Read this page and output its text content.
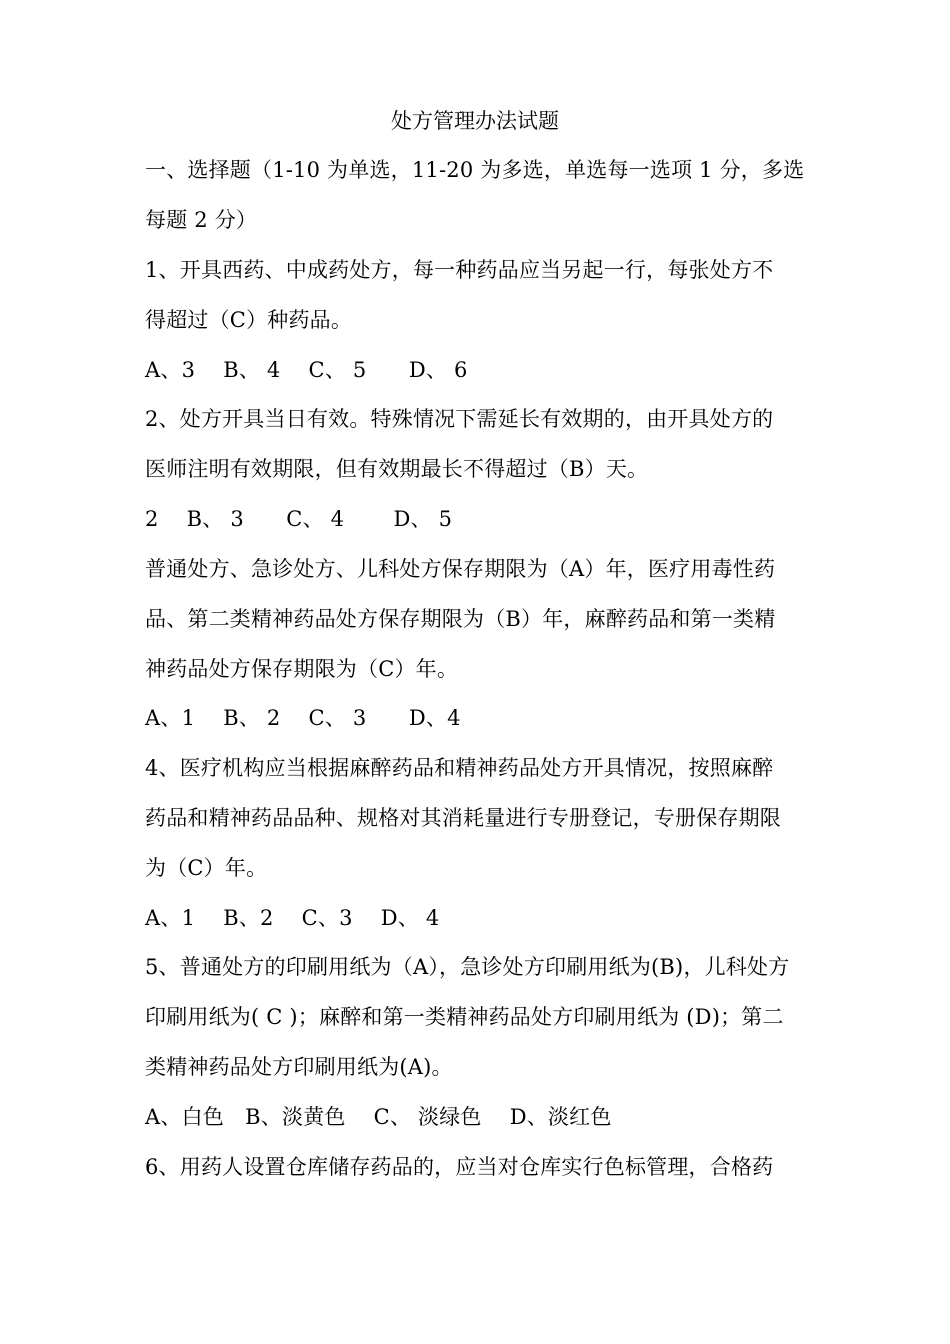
处方管理办法试题
一、选择题（1-10 为单选，11-20 为多选，单选每一选项 1 分，多选
每题 2 分）
1、开具西药、中成药处方，每一种药品应当另起一行，每张处方不
得超过（C）种药品。
A、3　 B、 4　 C、 5　　D、 6
2、处方开具当日有效。特殊情况下需延长有效期的，由开具处方的
医师注明有效期限，但有效期最长不得超过（B）天。
2　 B、 3　　C、 4　　 D、 5
普通处方、急诊处方、儿科处方保存期限为（A）年，医疗用毒性药
品、第二类精神药品处方保存期限为（B）年，麻醉药品和第一类精
神药品处方保存期限为（C）年。
A、1　 B、 2　 C、 3　　D、4
4、医疗机构应当根据麻醉药品和精神药品处方开具情况，按照麻醉
药品和精神药品品种、规格对其消耗量进行专册登记，专册保存期限
为（C）年。
A、1　 B、2　 C、3　 D、 4
5、普通处方的印刷用纸为（A），急诊处方印刷用纸为(B)，儿科处方
印刷用纸为( C )；麻醉和第一类精神药品处方印刷用纸为 (D)；第二
类精神药品处方印刷用纸为(A)。
A、白色　B、淡黄色　 C、 淡绿色　 D、淡红色
6、用药人设置仓库储存药品的，应当对仓库实行色标管理，合格药
